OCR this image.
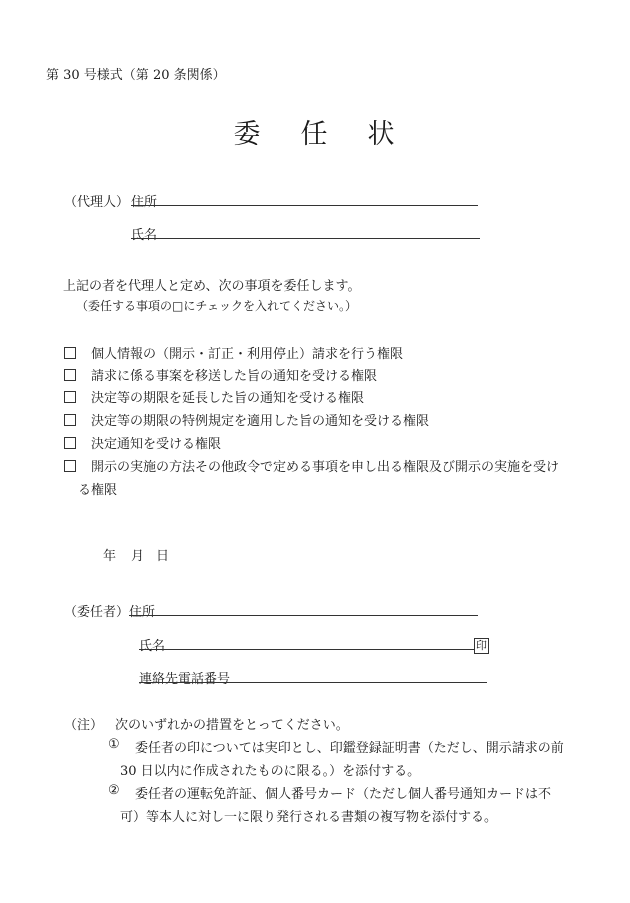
第 30 号様式（第 20 条関係）
委 任 状
（代理人） 住所
氏名
上記の者を代理人と定め、次の事項を委任します。
（委任する事項の□にチェックを入れてください。）
個人情報の（開示・訂正・利用停止）請求を行う権限
請求に係る事案を移送した旨の通知を受ける権限
決定等の期限を延長した旨の通知を受ける権限
決定等の期限の特例規定を適用した旨の通知を受ける権限
決定通知を受ける権限
開示の実施の方法その他政令で定める事項を申し出る権限及び開示の実施を受け
る権限
年 月 日
（委任者） 住所
氏名	印
連絡先電話番号
（注） 次のいずれかの措置をとってください。
① 委任者の印については実印とし、印鑑登録証明書（ただし、開示請求の前
30 日以内に作成されたものに限る。）を添付する。
② 委任者の運転免許証、個人番号カード（ただし個人番号通知カードは不
可）等本人に対し一に限り発行される書類の複写物を添付する。
